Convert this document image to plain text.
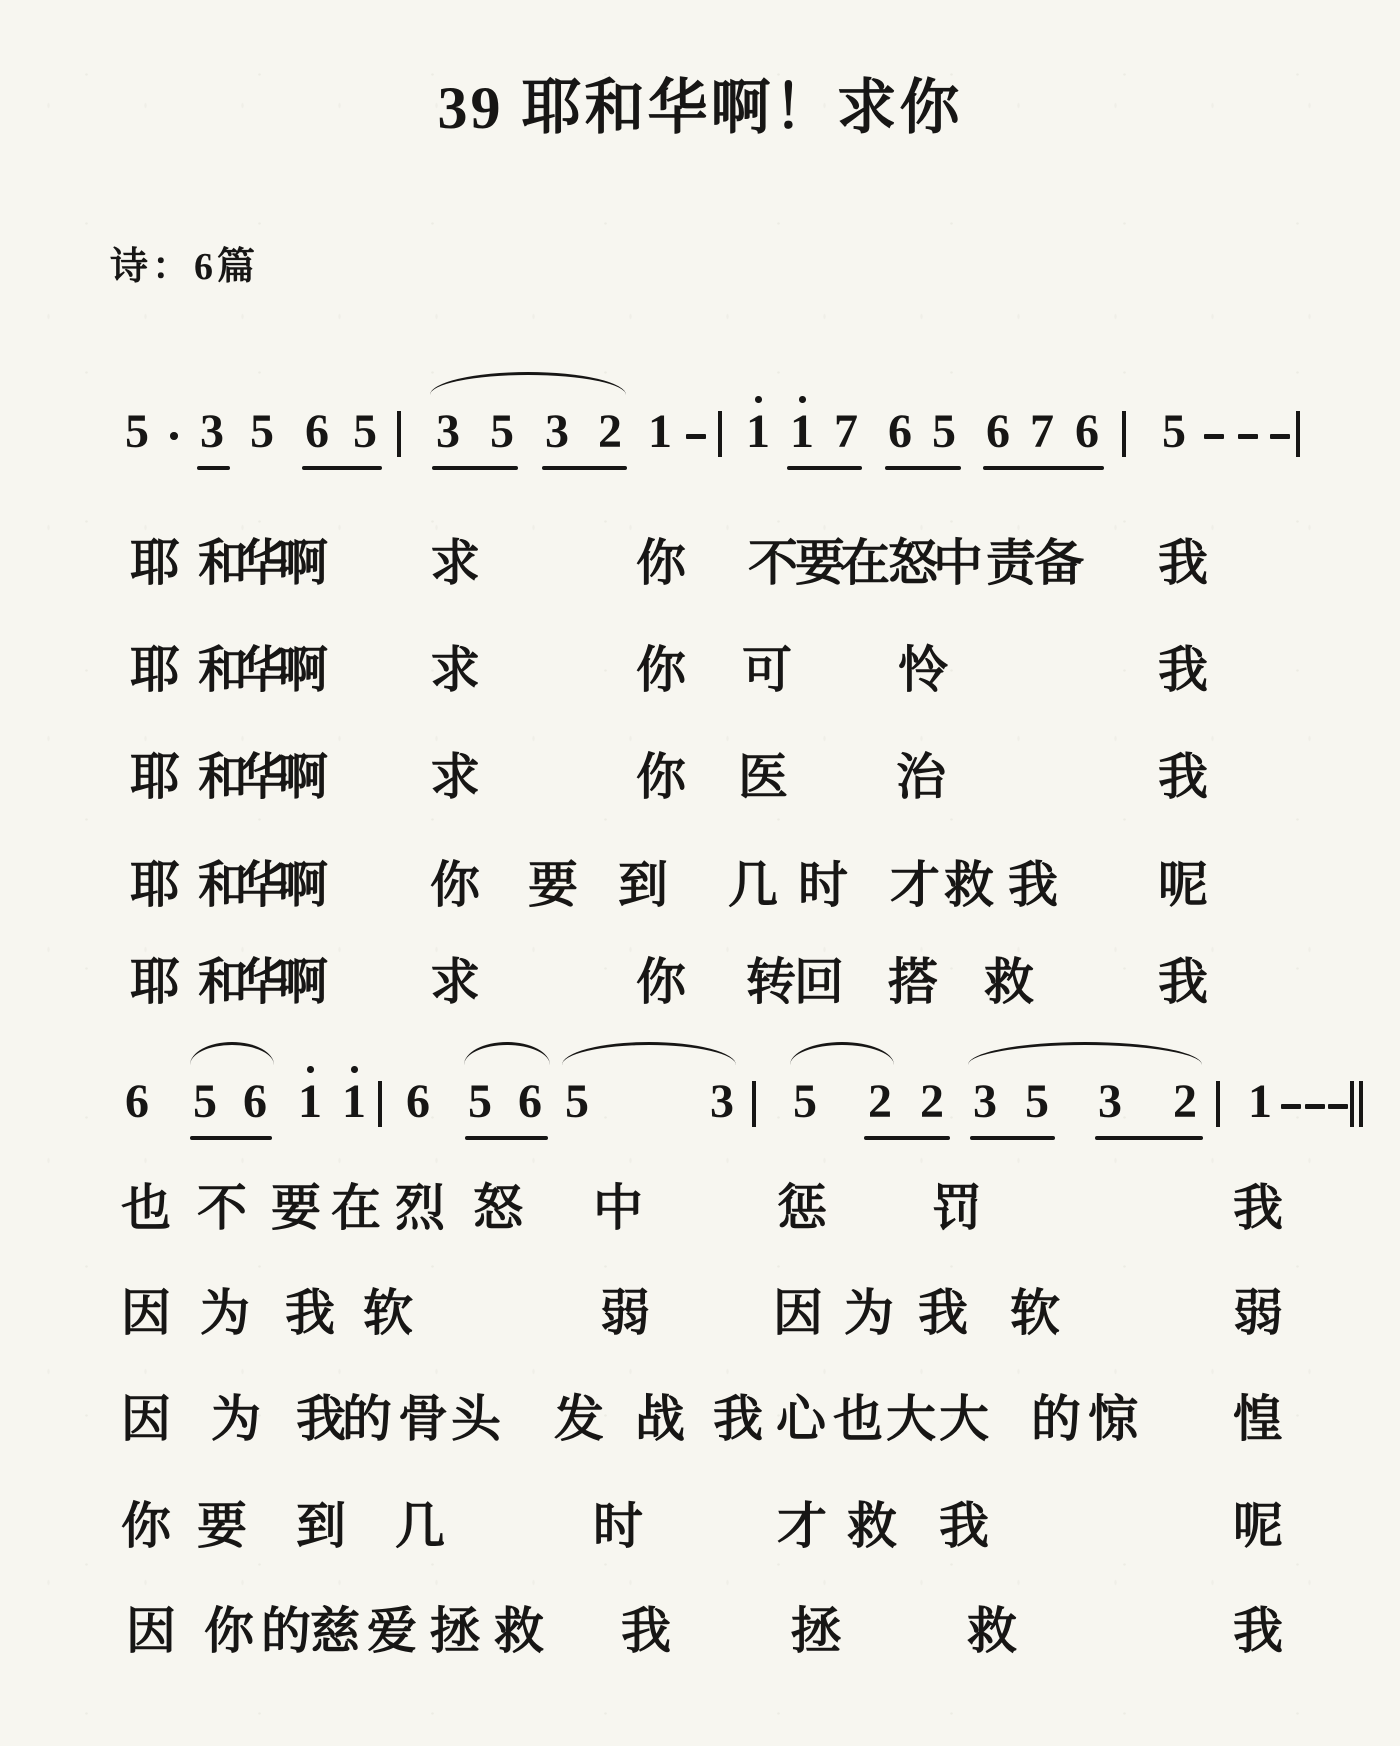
39 耶和华啊！求你
诗：6篇
5 3 5 6 5 3 5 3 2 1 1 1 7 6 5 6 7 6 5
6 5 6 1 1 6 5 6 5	3 5 2 2 3 5 3 2 1
耶 和
华
啊 求	你 不
要
在
怒
中 责
备 我
耶 和
华
啊 求	你 可 怜	我
耶 和
华
啊 求	你 医 治	我
耶 和
华
啊 你 要 到 几 时 才 救 我 呢
耶 和
华
啊 求	你 转
回 搭 救 我
也 不 要 在 烈 怒 中	惩 罚	我
因 为 我 软	弱 因 为 我 软	弱
因 为 我
的 骨 头 发 战 我 心 也 大 大 的 惊 惶
你 要 到 几	时	才 救 我	呢
因 你 的 慈 爱 拯 救 我 拯	救	我
